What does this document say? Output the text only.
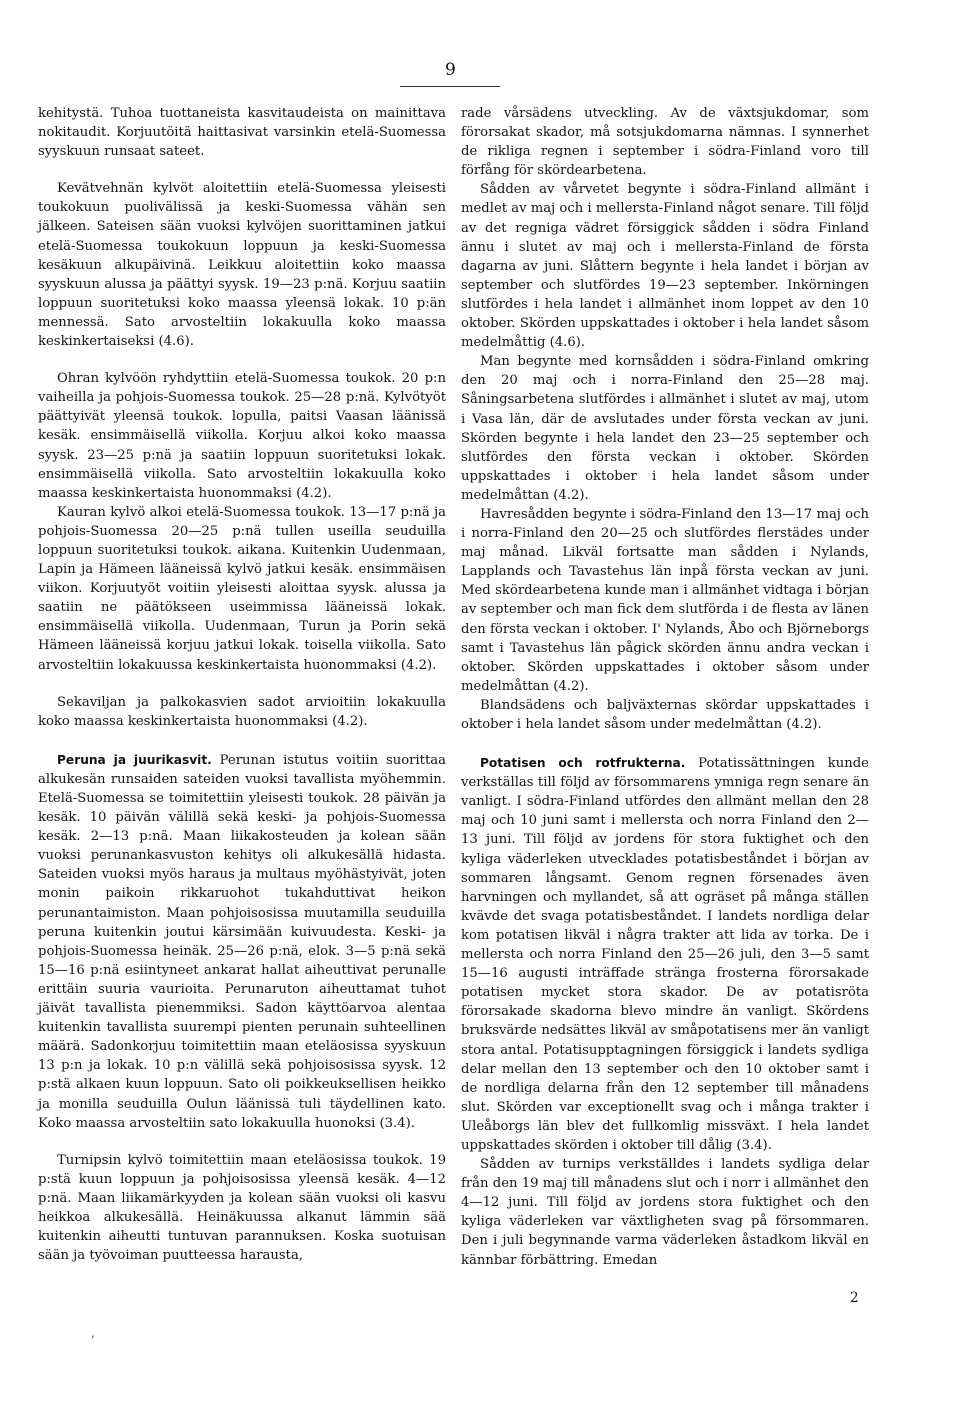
9

kehitystä. Tuhoa tuottaneista kasvitaudeista on mainittava nokitaudit. Korjuutöitä haittasivat varsinkin etelä-Suomessa syyskuun runsaat sateet.

Kevätvehnän kylvöt aloitettiin etelä-Suomessa yleisesti toukokuun puolivälissä ja keski-Suomessa vähän sen jälkeen. Sateisen sään vuoksi kylvöjen suorittaminen jatkui etelä-Suomessa toukokuun loppuun ja keski-Suomessa kesäkuun alkupäivinä. Leikkuu aloitettiin koko maassa syyskuun alussa ja päättyi syysk. 19—23 p:nä. Korjuu saatiin loppuun suoritetuksi koko maassa yleensä lokak. 10 p:än mennessä. Sato arvosteltiin lokakuulla koko maassa keskinkertaiseksi (4.6).

Ohran kylvöön ryhdyttiin etelä-Suomessa toukok. 20 p:n vaiheilla ja pohjois-Suomessa toukok. 25—28 p:nä. Kylvötyöt päättyivät yleensä toukok. lopulla, paitsi Vaasan läänissä kesäk. ensimmäisellä viikolla. Korjuu alkoi koko maassa syysk. 23—25 p:nä ja saatiin loppuun suoritetuksi lokak. ensimmäisellä viikolla. Sato arvosteltiin lokakuulla koko maassa keskinkertaista huonommaksi (4.2).

Kauran kylvö alkoi etelä-Suomessa toukok. 13—17 p:nä ja pohjois-Suomessa 20—25 p:nä tullen useilla seuduilla loppuun suoritetuksi toukok. aikana. Kuitenkin Uudenmaan, Lapin ja Hämeen lääneissä kylvö jatkui kesäk. ensimmäisen viikon. Korjuutyöt voitiin yleisesti aloittaa syysk. alussa ja saatiin ne päätökseen useimmissa lääneissä lokak. ensimmäisellä viikolla. Uudenmaan, Turun ja Porin sekä Hämeen lääneissä korjuu jatkui lokak. toisella viikolla. Sato arvosteltiin lokakuussa keskinkertaista huonommaksi (4.2).

Sekaviljan ja palkokasvien sadot arvioitiin lokakuulla koko maassa keskinkertaista huonommaksi (4.2).

Peruna ja juurikasvit. Perunan istutus voitiin suorittaa alkukesän runsaiden sateiden vuoksi tavallista myöhemmin. Etelä-Suomessa se toimitettiin yleisesti toukok. 28 päivän ja kesäk. 10 päivän välillä sekä keski- ja pohjois-Suomessa kesäk. 2—13 p:nä. Maan liikakosteuden ja kolean sään vuoksi perunankasvuston kehitys oli alkukesällä hidasta. Sateiden vuoksi myös haraus ja multaus myöhästyivät, joten monin paikoin rikkaruohot tukahduttivat heikon perunantaimiston. Maan pohjoisosissa muutamilla seuduilla peruna kuitenkin joutui kärsimään kuivuudesta. Keski- ja pohjois-Suomessa heinäk. 25—26 p:nä, elok. 3—5 p:nä sekä 15—16 p:nä esiintyneet ankarat hallat aiheuttivat perunalle erittäin suuria vaurioita. Perunaruton aiheuttamat tuhot jäivät tavallista pienemmiksi. Sadon käyttöarvoa alentaa kuitenkin tavallista suurempi pienten perunain suhteellinen määrä. Sadonkorjuu toimitettiin maan eteläosissa syyskuun 13 p:n ja lokak. 10 p:n välillä sekä pohjoisosissa syysk. 12 p:stä alkaen kuun loppuun. Sato oli poikkeuksellisen heikko ja monilla seuduilla Oulun läänissä tuli täydellinen kato. Koko maassa arvosteltiin sato lokakuulla huonoksi (3.4).

Turnipsin kylvö toimitettiin maan eteläosissa toukok. 19 p:stä kuun loppuun ja pohjoisosissa yleensä kesäk. 4—12 p:nä. Maan liikamärkyyden ja kolean sään vuoksi oli kasvu heikkoa alkukesällä. Heinäkuussa alkanut lämmin sää kuitenkin aiheutti tuntuvan parannuksen. Koska suotuisan sään ja työvoiman puutteessa harausta,

rade vårsädens utveckling. Av de växtsjukdomar, som förorsakat skador, må sotsjukdomarna nämnas. I synnerhet de rikliga regnen i september i södra-Finland voro till förfång för skördearbetena.

Sådden av vårvetet begynte i södra-Finland allmänt i medlet av maj och i mellersta-Finland något senare. Till följd av det regniga vädret försiggick sådden i södra Finland ännu i slutet av maj och i mellersta-Finland de första dagarna av juni. Slåttern begynte i hela landet i början av september och slutfördes 19—23 september. Inkörningen slutfördes i hela landet i allmänhet inom loppet av den 10 oktober. Skörden uppskattades i oktober i hela landet såsom medelmåttig (4.6).

Man begynte med kornsådden i södra-Finland omkring den 20 maj och i norra-Finland den 25—28 maj. Såningsarbetena slutfördes i allmänhet i slutet av maj, utom i Vasa län, där de avslutades under första veckan av juni. Skörden begynte i hela landet den 23—25 september och slutfördes den första veckan i oktober. Skörden uppskattades i oktober i hela landet såsom under medelmåttan (4.2).

Havresådden begynte i södra-Finland den 13—17 maj och i norra-Finland den 20—25 och slutfördes flerstädes under maj månad. Likväl fortsatte man sådden i Nylands, Lapplands och Tavastehus län inpå första veckan av juni. Med skördearbetena kunde man i allmänhet vidtaga i början av september och man fick dem slutförda i de flesta av länen den första veckan i oktober. I' Nylands, Åbo och Björneborgs samt i Tavastehus län pågick skörden ännu andra veckan i oktober. Skörden uppskattades i oktober såsom under medelmåttan (4.2).

Blandsädens och baljväxternas skördar uppskattades i oktober i hela landet såsom under medelmåttan (4.2).

Potatisen och rotfrukterna. Potatissättningen kunde verkställas till följd av försommarens ymniga regn senare än vanligt. I södra-Finland utfördes den allmänt mellan den 28 maj och 10 juni samt i mellersta och norra Finland den 2—13 juni. Till följd av jordens för stora fuktighet och den kyliga väderleken utvecklades potatisbeståndet i början av sommaren långsamt. Genom regnen försenades även harvningen och myllandet, så att ogräset på många ställen kvävde det svaga potatisbeståndet. I landets nordliga delar kom potatisen likväl i några trakter att lida av torka. De i mellersta och norra Finland den 25—26 juli, den 3—5 samt 15—16 augusti inträffade stränga frosterna förorsakade potatisen mycket stora skador. De av potatisröta förorsakade skadorna blevo mindre än vanligt. Skördens bruksvärde nedsättes likväl av småpotatisens mer än vanligt stora antal. Potatisupptagningen försiggick i landets sydliga delar mellan den 13 september och den 10 oktober samt i de nordliga delarna från den 12 september till månadens slut. Skörden var exceptionellt svag och i många trakter i Uleåborgs län blev det fullkomlig missväxt. I hela landet uppskattades skörden i oktober till dålig (3.4).

Sådden av turnips verkställdes i landets sydliga delar från den 19 maj till månadens slut och i norr i allmänhet den 4—12 juni. Till följd av jordens stora fuktighet och den kyliga väderleken var växtligheten svag på försommaren. Den i juli begynnande varma väderleken åstadkom likväl en kännbar förbättring. Emedan

2
,
